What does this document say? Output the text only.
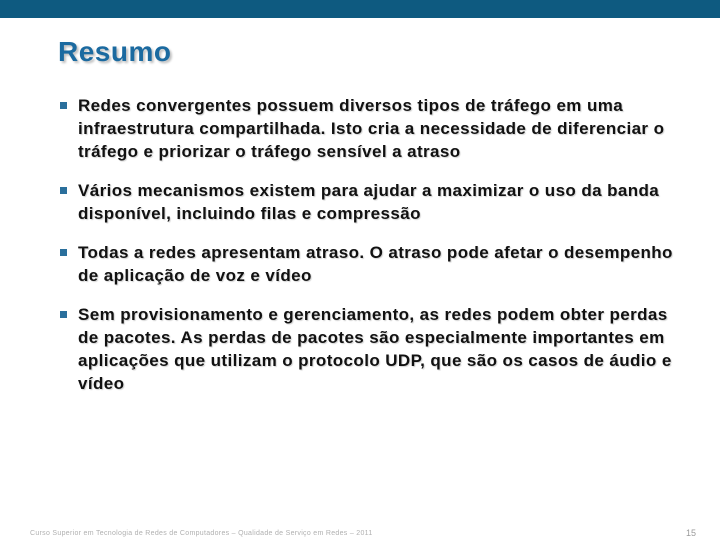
Resumo
Redes convergentes possuem diversos tipos de tráfego em uma infraestrutura compartilhada. Isto cria a necessidade de diferenciar o tráfego e priorizar o tráfego sensível a atraso
Vários mecanismos existem para ajudar a maximizar o uso da banda disponível, incluindo filas e compressão
Todas a redes apresentam atraso. O atraso pode afetar o desempenho de aplicação de voz e vídeo
Sem provisionamento e gerenciamento, as redes podem obter perdas de pacotes. As perdas de pacotes são especialmente importantes em aplicações que utilizam o protocolo UDP, que são os casos de áudio e vídeo
Curso Superior em Tecnologia de Redes de Computadores – Qualidade de Serviço em Redes – 2011	15
